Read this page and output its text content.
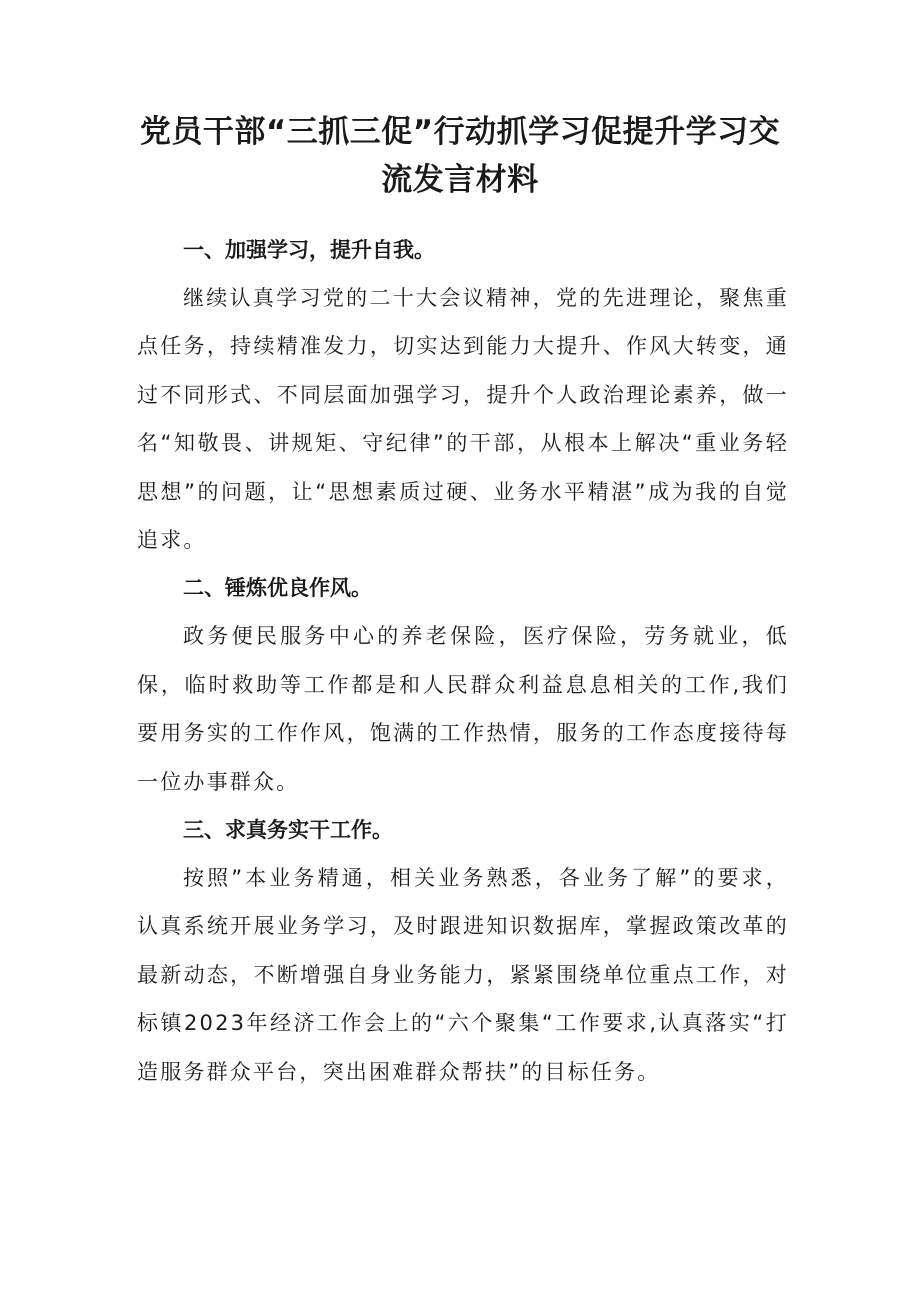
党员干部“三抓三促”行动抓学习促提升学习交
流发言材料

一、加强学习，提升自我。

继续认真学习党的二十大会议精神，党的先进理论，聚焦重点任务，持续精准发力，切实达到能力大提升、作风大转变，通过不同形式、不同层面加强学习，提升个人政治理论素养，做一名“知敬畏、讲规矩、守纪律”的干部，从根本上解决“重业务轻思想”的问题，让“思想素质过硬、业务水平精湛”成为我的自觉追求。

二、锤炼优良作风。

政务便民服务中心的养老保险，医疗保险，劳务就业，低保，临时救助等工作都是和人民群众利益息息相关的工作,我们要用务实的工作作风，饱满的工作热情，服务的工作态度接待每一位办事群众。

三、求真务实干工作。

按照”本业务精通，相关业务熟悉，各业务了解”的要求，认真系统开展业务学习，及时跟进知识数据库，掌握政策改革的最新动态，不断增强自身业务能力，紧紧围绕单位重点工作，对标镇2023年经济工作会上的“六个聚集“工作要求,认真落实“打造服务群众平台，突出困难群众帮扶”的目标任务。
